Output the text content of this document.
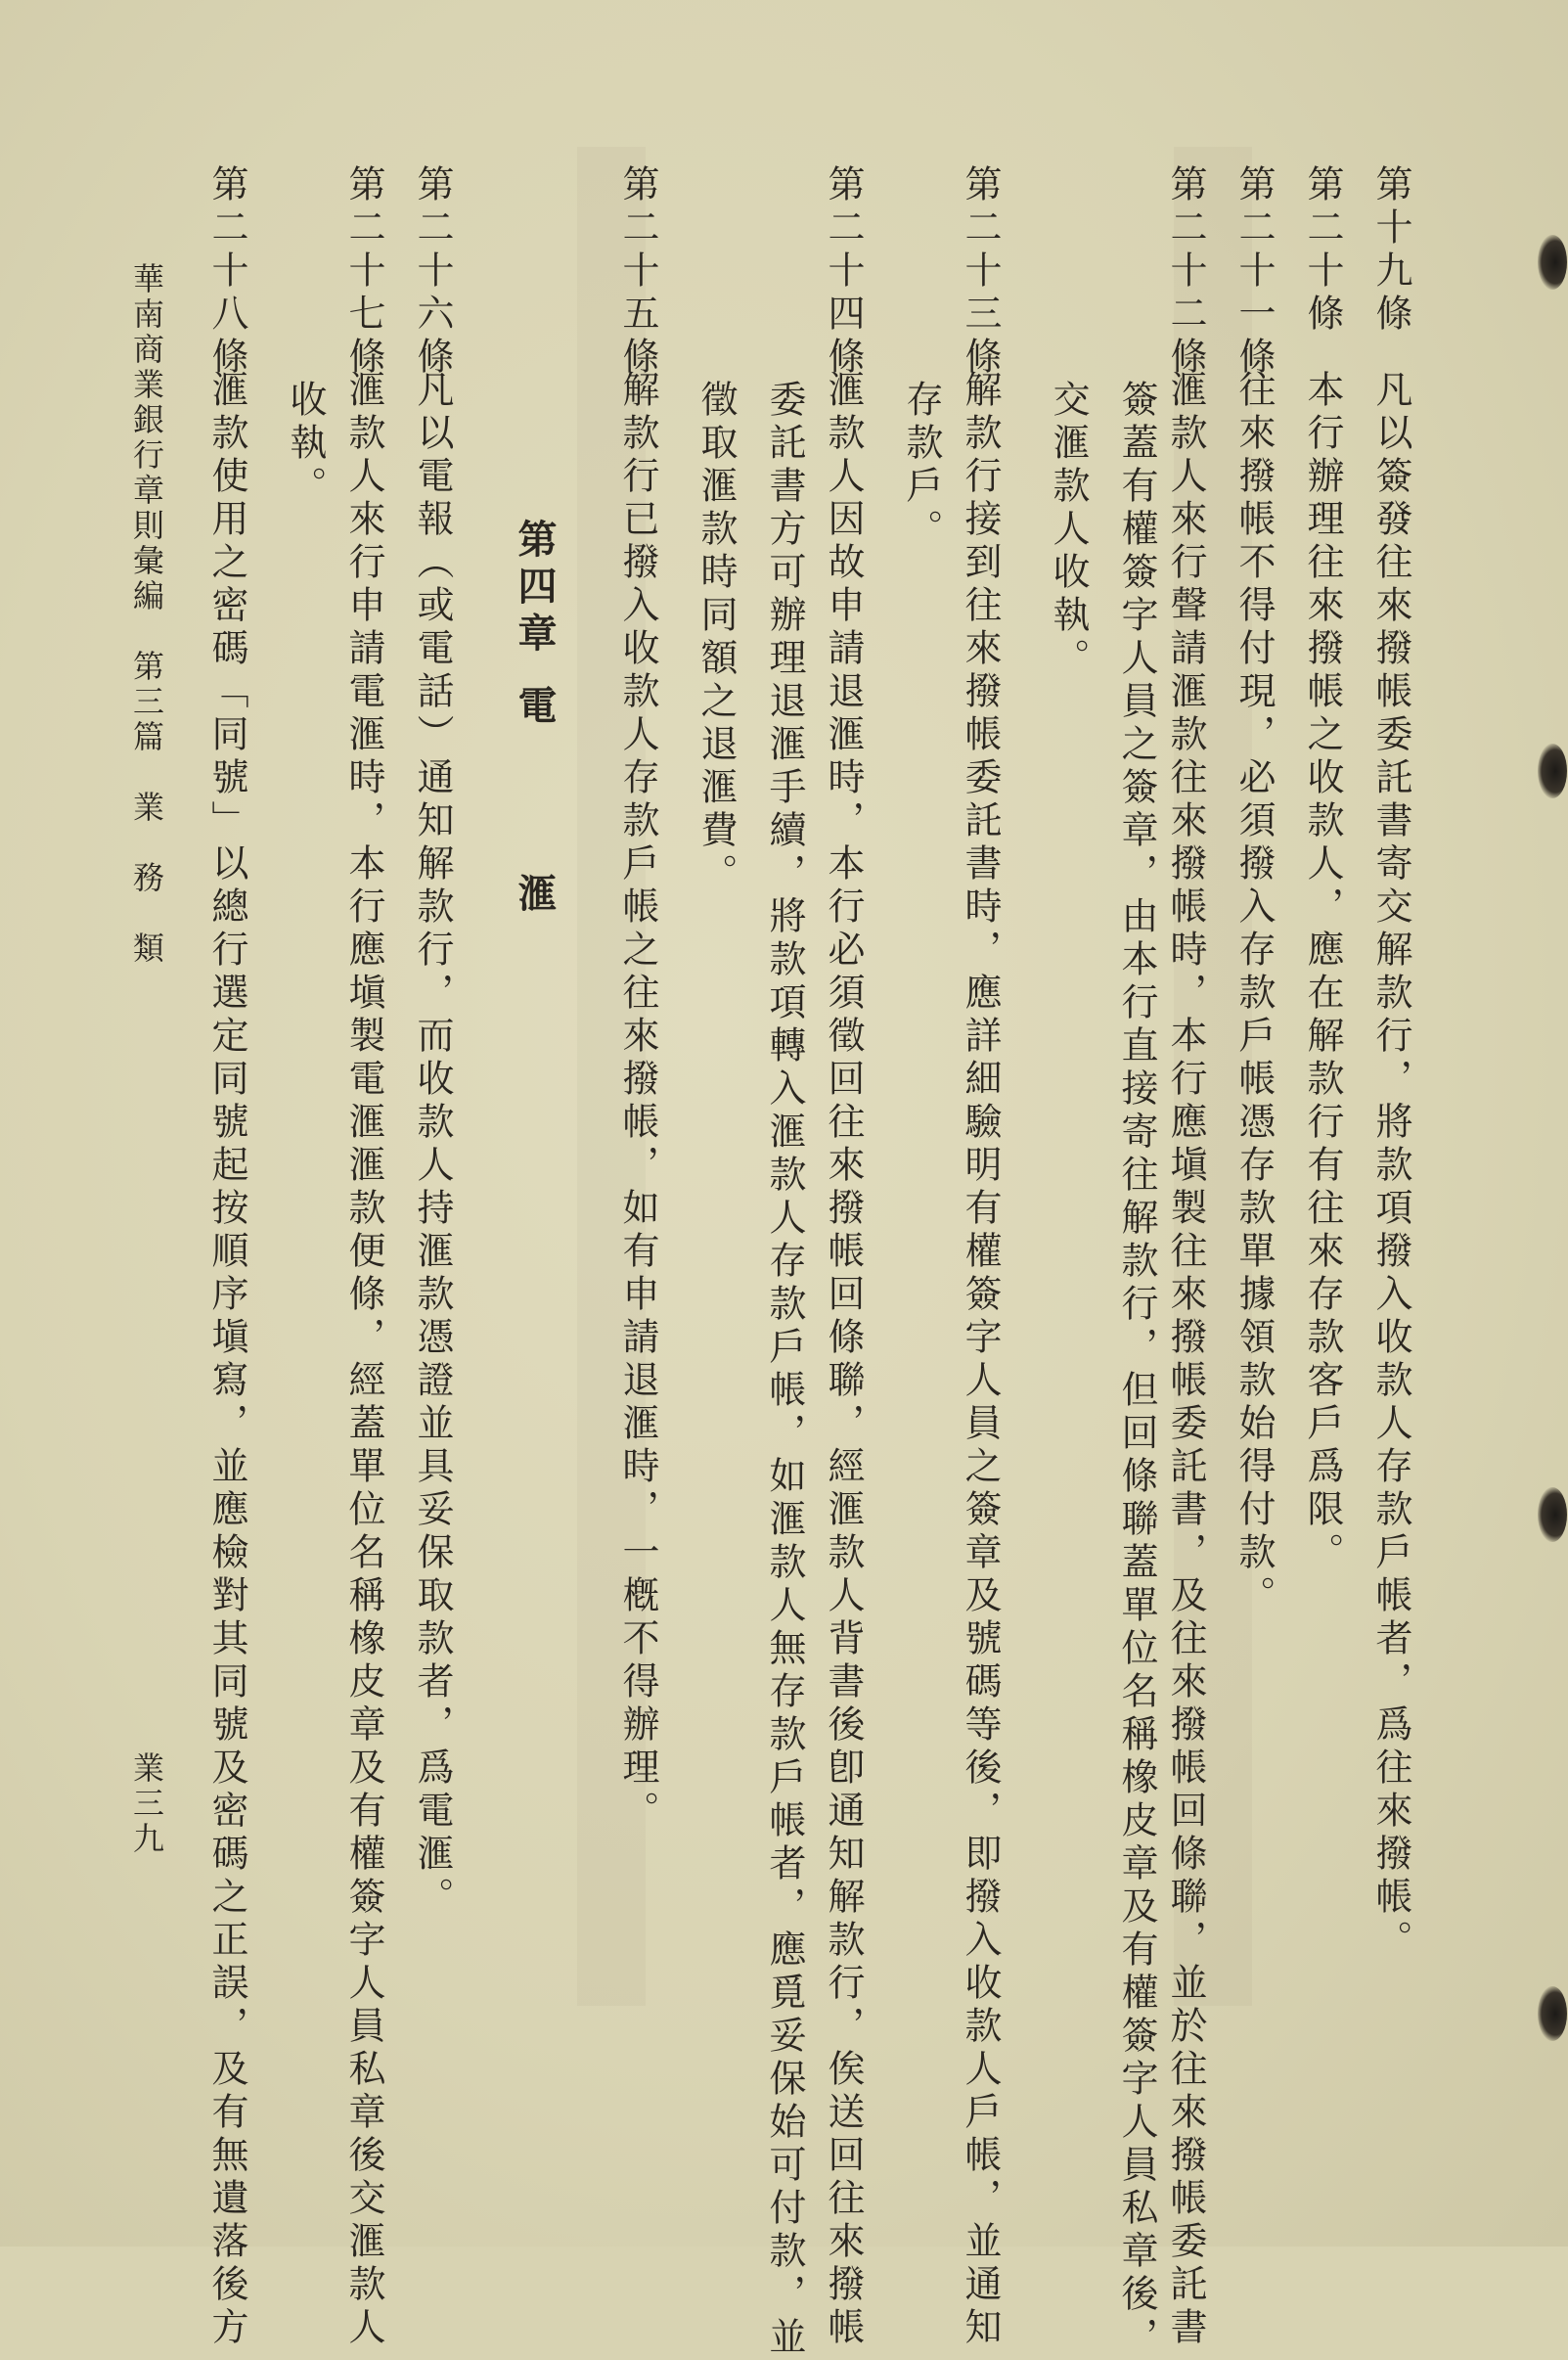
第十九條凡以簽發往來撥帳委託書寄交解款行，將款項撥入收款人存款戶帳者，爲往來撥帳。
第二十條本行辦理往來撥帳之收款人，應在解款行有往來存款客戶爲限。
第二十一條往來撥帳不得付現，必須撥入存款戶帳憑存款單據領款始得付款。
第二十二條滙款人來行聲請滙款往來撥帳時，本行應塡製往來撥帳委託書，及往來撥帳回條聯，並於往來撥帳委託書
簽蓋有權簽字人員之簽章，由本行直接寄往解款行，但回條聯蓋單位名稱橡皮章及有權簽字人員私章後，
交滙款人收執。
第二十三條解款行接到往來撥帳委託書時，應詳細驗明有權簽字人員之簽章及號碼等後，即撥入收款人戶帳，並通知
存款戶。
第二十四條滙款人因故申請退滙時，本行必須徵回往來撥帳回條聯，經滙款人背書後卽通知解款行，俟送回往來撥帳
委託書方可辦理退滙手續，將款項轉入滙款人存款戶帳，如滙款人無存款戶帳者，應覓妥保始可付款，並
徵取滙款時同額之退滙費。
第二十五條解款行已撥入收款人存款戶帳之往來撥帳，如有申請退滙時，一槪不得辦理。
第四章電　　　滙
第二十六條凡以電報（或電話）通知解款行，而收款人持滙款憑證並具妥保取款者，爲電滙。
第二十七條滙款人來行申請電滙時，本行應塡製電滙滙款便條，經蓋單位名稱橡皮章及有權簽字人員私章後交滙款人
收執。
第二十八條滙款使用之密碼「同號」以總行選定同號起按順序塡寫，並應檢對其同號及密碼之正誤，及有無遺落後方
華南商業銀行章則彙編　第三篇　業　務　類
業三九
